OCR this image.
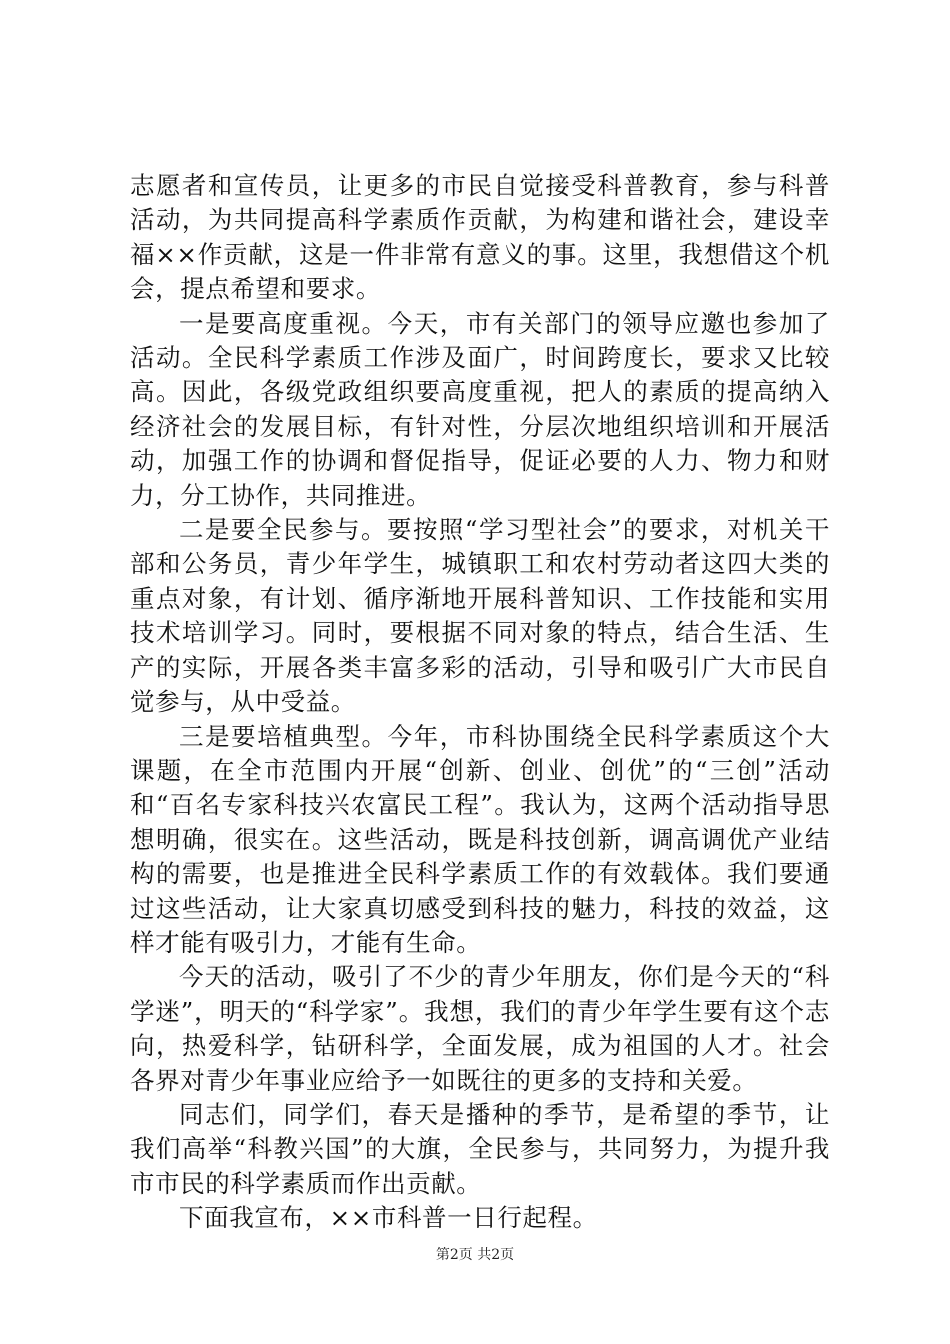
志愿者和宣传员，让更多的市民自觉接受科普教育，参与科普活动，为共同提高科学素质作贡献，为构建和谐社会，建设幸福××作贡献，这是一件非常有意义的事。这里，我想借这个机会，提点希望和要求。

一是要高度重视。今天，市有关部门的领导应邀也参加了活动。全民科学素质工作涉及面广，时间跨度长，要求又比较高。因此，各级党政组织要高度重视，把人的素质的提高纳入经济社会的发展目标，有针对性，分层次地组织培训和开展活动，加强工作的协调和督促指导，促证必要的人力、物力和财力，分工协作，共同推进。

二是要全民参与。要按照“学习型社会”的要求，对机关干部和公务员，青少年学生，城镇职工和农村劳动者这四大类的重点对象，有计划、循序渐地开展科普知识、工作技能和实用技术培训学习。同时，要根据不同对象的特点，结合生活、生产的实际，开展各类丰富多彩的活动，引导和吸引广大市民自觉参与，从中受益。

三是要培植典型。今年，市科协围绕全民科学素质这个大课题，在全市范围内开展“创新、创业、创优”的“三创”活动和“百名专家科技兴农富民工程”。我认为，这两个活动指导思想明确，很实在。这些活动，既是科技创新，调高调优产业结构的需要，也是推进全民科学素质工作的有效载体。我们要通过这些活动，让大家真切感受到科技的魅力，科技的效益，这样才能有吸引力，才能有生命。

今天的活动，吸引了不少的青少年朋友，你们是今天的“科学迷”，明天的“科学家”。我想，我们的青少年学生要有这个志向，热爱科学，钻研科学，全面发展，成为祖国的人才。社会各界对青少年事业应给予一如既往的更多的支持和关爱。

同志们，同学们，春天是播种的季节，是希望的季节，让我们高举“科教兴国”的大旗，全民参与，共同努力，为提升我市市民的科学素质而作出贡献。

下面我宣布，××市科普一日行起程。

第2页 共2页
